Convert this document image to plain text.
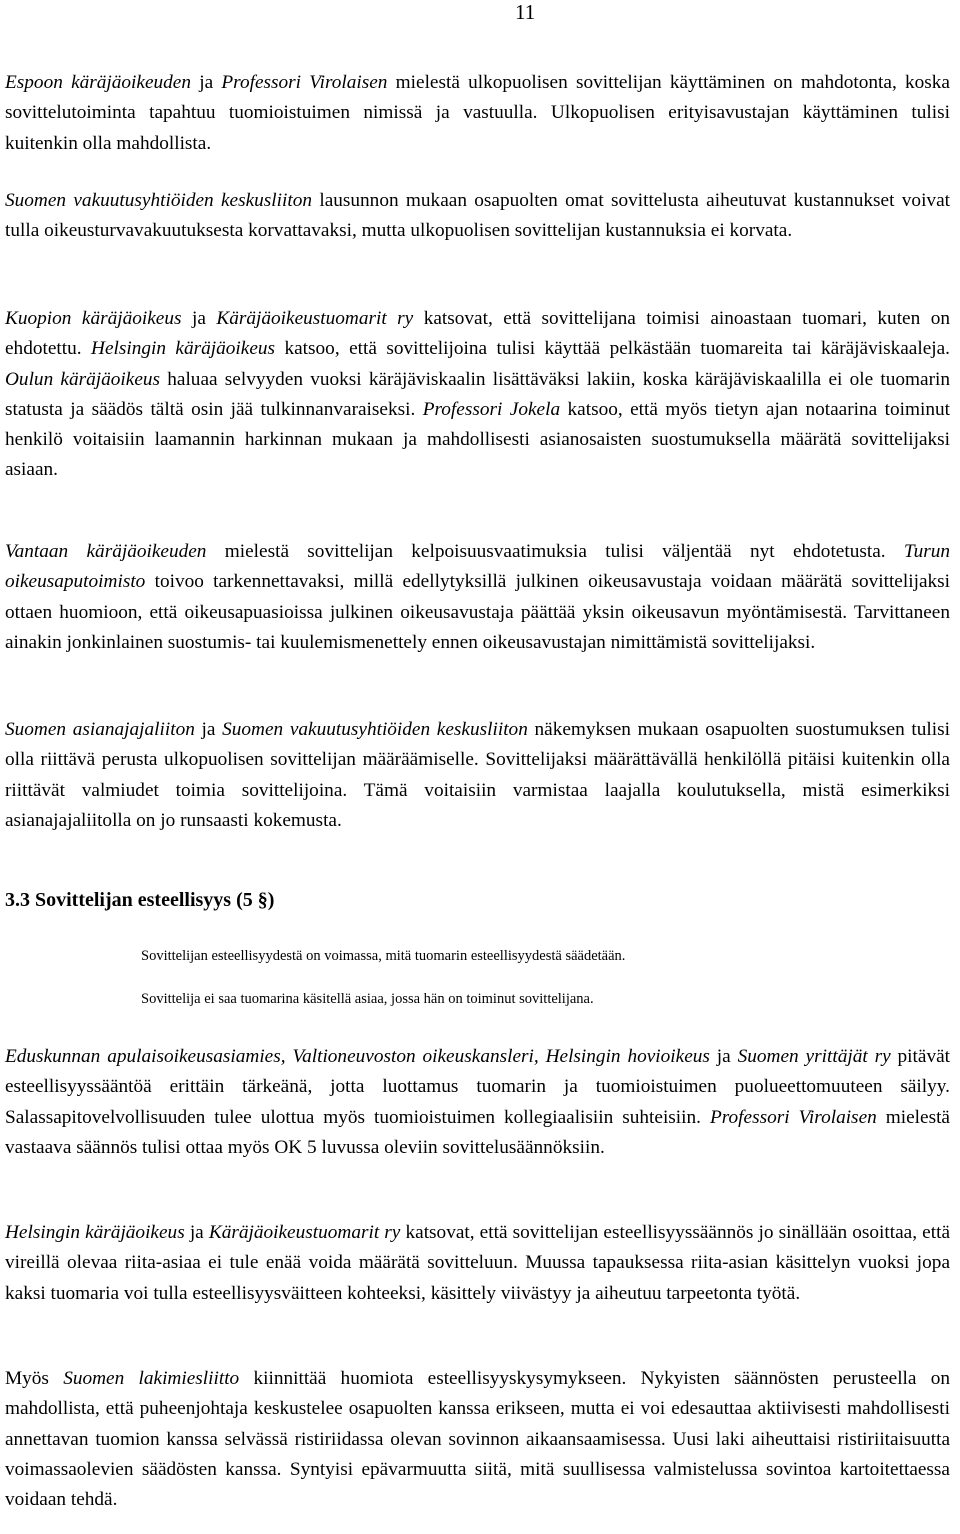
11

Espoon käräjäoikeuden ja Professori Virolaisen mielestä ulkopuolisen sovittelijan käyttäminen on mahdotonta, koska sovittelutoiminta tapahtuu tuomioistuimen nimissä ja vastuulla. Ulkopuolisen erityisavustajan käyttäminen tulisi kuitenkin olla mahdollista.

Suomen vakuutusyhtiöiden keskusliiton lausunnon mukaan osapuolten omat sovittelusta aiheutuvat kustannukset voivat tulla oikeusturvavakuutuksesta korvattavaksi, mutta ulkopuolisen sovittelijan kustannuksia ei korvata.

Kuopion käräjäoikeus ja Käräjäoikeustuomarit ry katsovat, että sovittelijana toimisi ainoastaan tuomari, kuten on ehdotettu. Helsingin käräjäoikeus katsoo, että sovittelijoina tulisi käyttää pelkästään tuomareita tai käräjäviskaaleja. Oulun käräjäoikeus haluaa selvyyden vuoksi käräjäviskaalin lisättäväksi lakiin, koska käräjäviskaalilla ei ole tuomarin statusta ja säädös tältä osin jää tulkinnanvaraiseksi. Professori Jokela katsoo, että myös tietyn ajan notaarina toiminut henkilö voitaisiin laamannin harkinnan mukaan ja mahdollisesti asianosaisten suostumuksella määrätä sovittelijaksi asiaan.

Vantaan käräjäoikeuden mielestä sovittelijan kelpoisuusvaatimuksia tulisi väljentää nyt ehdotetusta. Turun oikeusaputoimisto toivoo tarkennettavaksi, millä edellytyksillä julkinen oikeusavustaja voidaan määrätä sovittelijaksi ottaen huomioon, että oikeusapuasioissa julkinen oikeusavustaja päättää yksin oikeusavun myöntämisestä. Tarvittaneen ainakin jonkinlainen suostumis- tai kuulemismenettely ennen oikeusavustajan nimittämistä sovittelijaksi.

Suomen asianajajaliiton ja Suomen vakuutusyhtiöiden keskusliiton näkemyksen mukaan osapuolten suostumuksen tulisi olla riittävä perusta ulkopuolisen sovittelijan määräämiselle. Sovittelijaksi määrättävällä henkilöllä pitäisi kuitenkin olla riittävät valmiudet toimia sovittelijoina. Tämä voitaisiin varmistaa laajalla koulutuksella, mistä esimerkiksi asianajajaliitolla on jo runsaasti kokemusta.

3.3 Sovittelijan esteellisyys (5 §)

Sovittelijan esteellisyydestä on voimassa, mitä tuomarin esteellisyydestä säädetään.

Sovittelija ei saa tuomarina käsitellä asiaa, jossa hän on toiminut sovittelijana.

Eduskunnan apulaisoikeusasiamies, Valtioneuvoston oikeuskansleri, Helsingin hovioikeus ja Suomen yrittäjät ry pitävät esteellisyyssääntöä erittäin tärkeänä, jotta luottamus tuomarin ja tuomioistuimen puolueettomuuteen säilyy. Salassapitovelvollisuuden tulee ulottua myös tuomioistuimen kollegiaalisiin suhteisiin. Professori Virolaisen mielestä vastaava säännös tulisi ottaa myös OK 5 luvussa oleviin sovittelusäännöksiin.

Helsingin käräjäoikeus ja Käräjäoikeustuomarit ry katsovat, että sovittelijan esteellisyyssäännös jo sinällään osoittaa, että vireillä olevaa riita-asiaa ei tule enää voida määrätä sovitteluun. Muussa tapauksessa riita-asian käsittelyn vuoksi jopa kaksi tuomaria voi tulla esteellisyysväitteen kohteeksi, käsittely viivästyy ja aiheutuu tarpeetonta työtä.

Myös Suomen lakimiesliitto kiinnittää huomiota esteellisyyskysymykseen. Nykyisten säännösten perusteella on mahdollista, että puheenjohtaja keskustelee osapuolten kanssa erikseen, mutta ei voi edesauttaa aktiivisesti mahdollisesti annettavan tuomion kanssa selvässä ristiriidassa olevan sovinnon aikaansaamisessa. Uusi laki aiheuttaisi ristiriitaisuutta voimassaolevien säädösten kanssa. Syntyisi epävarmuutta siitä, mitä suullisessa valmistelussa sovintoa kartoitettaessa voidaan tehdä.
